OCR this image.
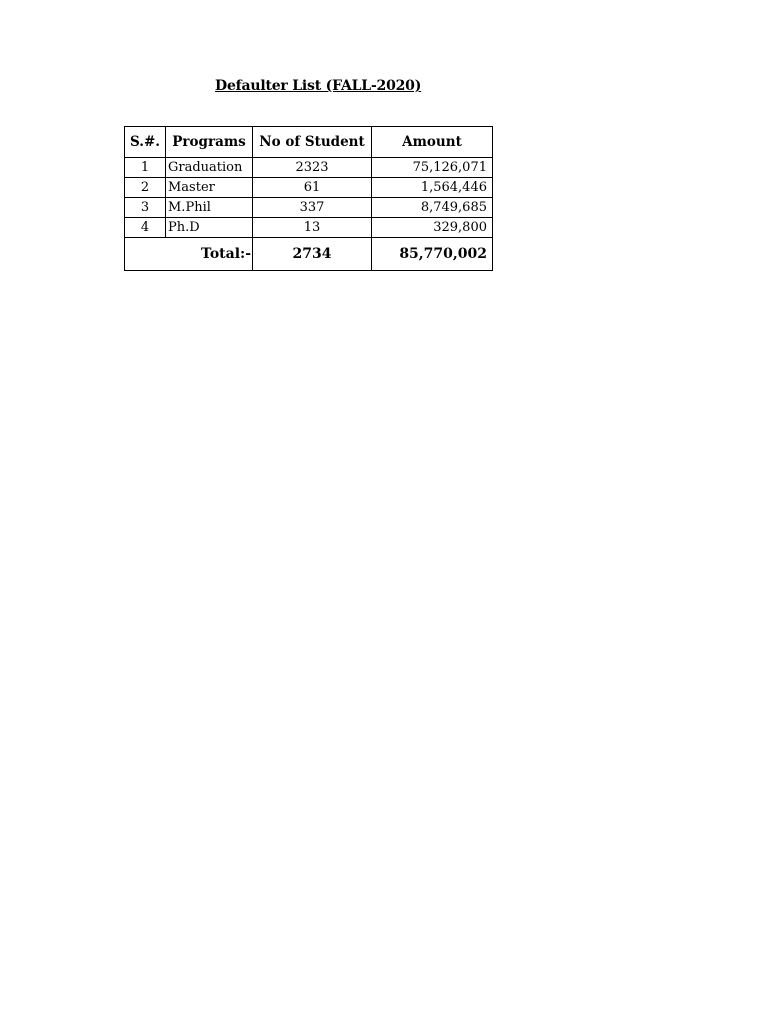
Defaulter List (FALL-2020)
S.#.	Programs	No of Student	Amount
1	Graduation	2323	75,126,071
2	Master	61	1,564,446
3	M.Phil	337	8,749,685
4	Ph.D	13	329,800
Total:-		2734	85,770,002
